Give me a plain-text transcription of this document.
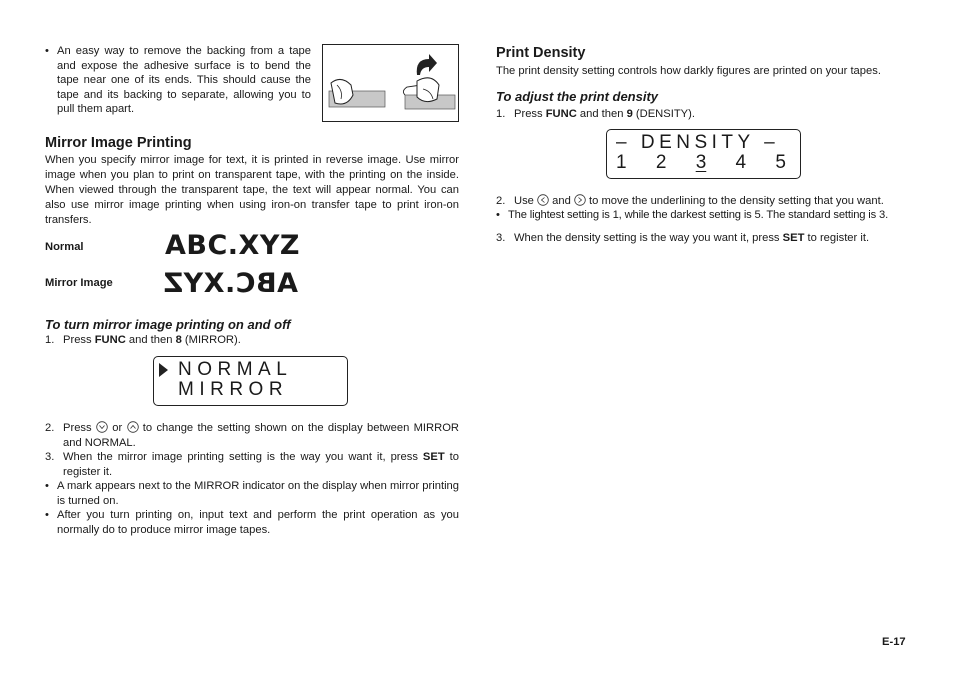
• An easy way to remove the backing from a tape and expose the adhesive surface is to bend the tape near one of its ends. This should cause the tape and its backing to separate, allowing you to pull them apart.
Mirror Image Printing
When you specify mirror image for text, it is printed in reverse image. Use mirror image when you plan to print on transparent tape, with the printing on the inside. When viewed through the transparent tape, the text will appear normal. You can also use mirror image printing when using iron-on transfer tape to print iron-on transfers.
Normal	ABC.XYZ
Mirror Image ABC.XYZ
To turn mirror image printing on and off
1. Press FUNC and then 8 (MIRROR).
NORMAL
MIRROR
2. Press  or  to change the setting shown on the display between MIRROR and NORMAL.
3. When the mirror image printing setting is the way you want it, press SET to register it.
• A mark appears next to the MIRROR indicator on the display when mirror printing is turned on.
• After you turn printing on, input text and perform the print operation as you normally do to produce mirror image tapes.
Print Density
The print density setting controls how darkly figures are printed on your tapes.
To adjust the print density
1. Press FUNC and then 9 (DENSITY).
– DENSITY –
1 2 3 4 5
2. Use  and  to move the underlining to the density setting that you want.
• The lightest setting is 1, while the darkest setting is 5. The standard setting is 3.
3. When the density setting is the way you want it, press SET to register it.
E-17
